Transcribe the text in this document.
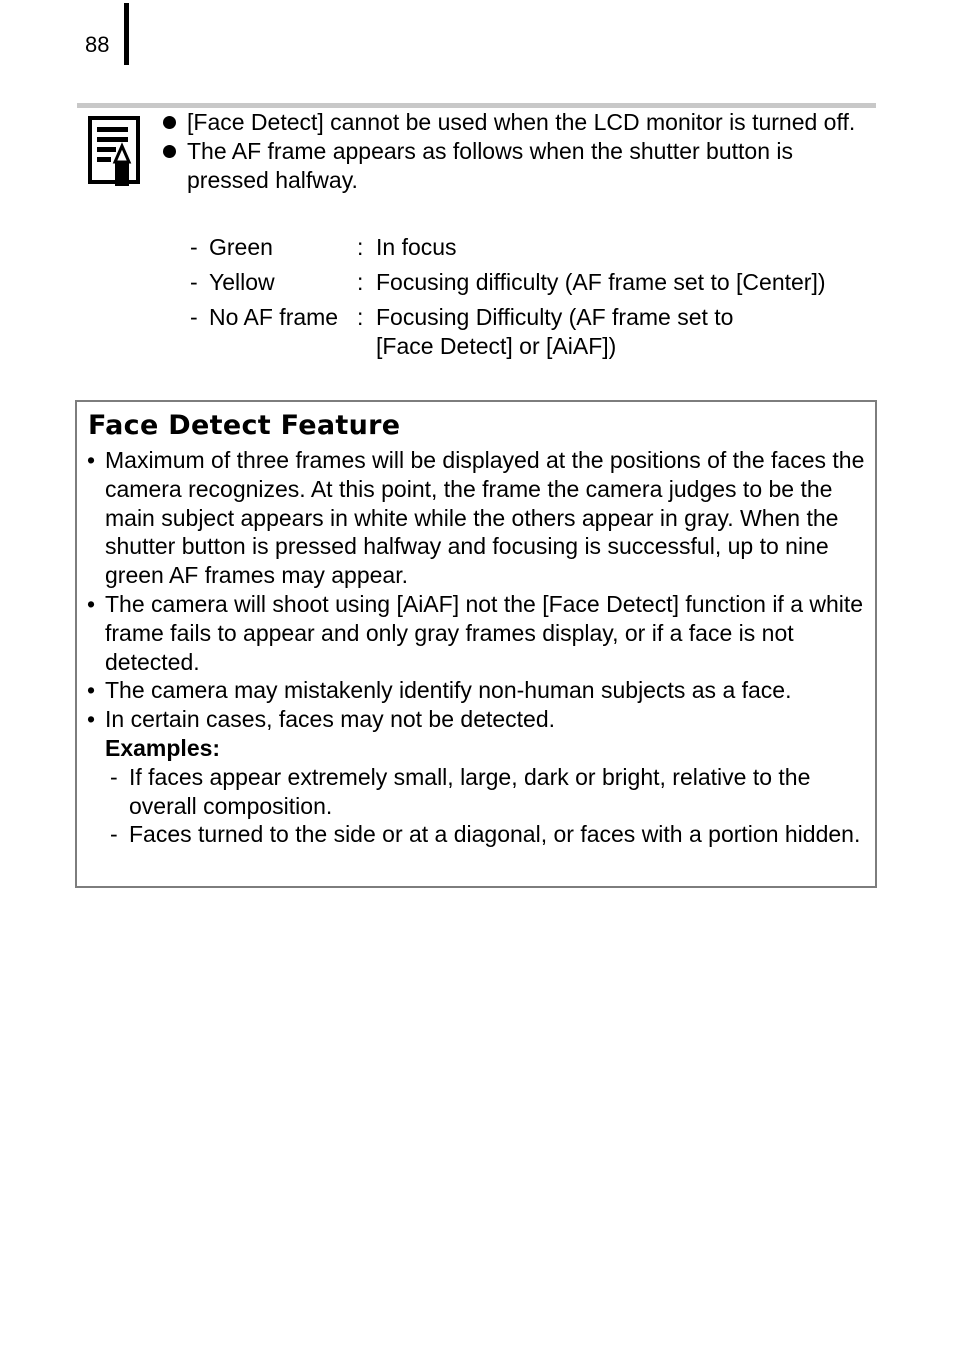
88
[Face Detect] cannot be used when the LCD monitor is turned off.
The AF frame appears as follows when the shutter button is pressed halfway.
-	Green	:	In focus
-	Yellow	:	Focusing difficulty (AF frame set to [Center])
-	No AF frame	:	Focusing Difficulty (AF frame set to
[Face Detect] or [AiAF])
Face Detect Feature
• Maximum of three frames will be displayed at the positions of the faces the camera recognizes. At this point, the frame the camera judges to be the main subject appears in white while the others appear in gray. When the shutter button is pressed halfway and focusing is successful, up to nine green AF frames may appear.
• The camera will shoot using [AiAF] not the [Face Detect] function if a white frame fails to appear and only gray frames display, or if a face is not detected.
• The camera may mistakenly identify non-human subjects as a face.
• In certain cases, faces may not be detected.
Examples:
- If faces appear extremely small, large, dark or bright, relative to the overall composition.
- Faces turned to the side or at a diagonal, or faces with a portion hidden.
